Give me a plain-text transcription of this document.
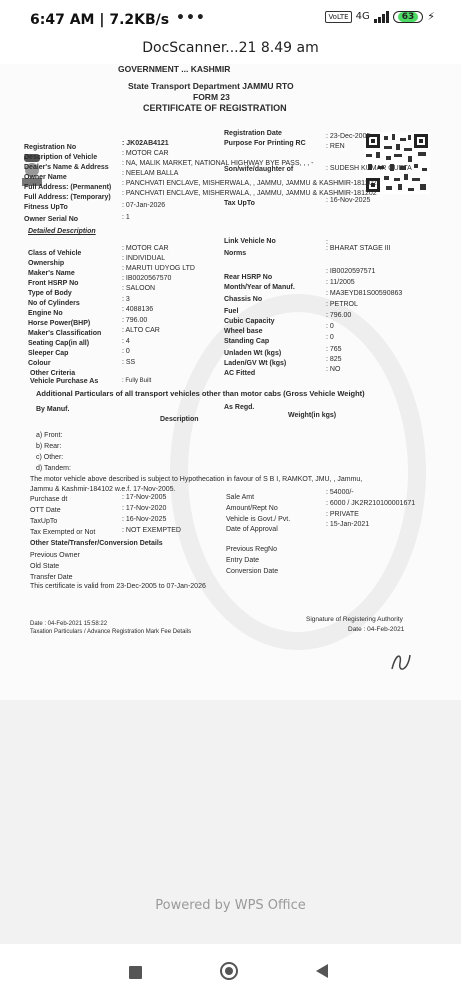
6:47 AM | 7.2KB/s •••	VoLTE 4G	63	⚡
DocScanner...21 8.49 am
GOVERNMENT ... KASHMIR
State Transport Department JAMMU RTO
FORM 23
CERTIFICATE OF REGISTRATION
Registration No
: JK02AB4121
Description of Vehicle
: MOTOR CAR
Dealer's Name & Address
: NA, MALIK MARKET, NATIONAL HIGHWAY BYE PASS, , , -
Owner Name
: NEELAM BALLA
Full Address: (Permanent)
: PANCHVATI ENCLAVE, MISHERWALA, , JAMMU, JAMMU & KASHMIR-181202
Full Address: (Temporary)
: PANCHVATI ENCLAVE, MISHERWALA, , JAMMU, JAMMU & KASHMIR-181202
Fitness UpTo	: 07-Jan-2026
Owner Serial No	: 1
Detailed Description
Registration Date	: 23-Dec-2005
Purpose For Printing RC	: REN
Son/wife/daughter of	: SUDESH KUMAR GUPTA
Tax UpTo	: 16-Nov-2025
Class of Vehicle
: MOTOR CAR
Ownership
: INDIVIDUAL
Maker's Name
: MARUTI UDYOG LTD
Front HSRP No
: IB0020567570
Type of Body
: SALOON
No of Cylinders
: 3
Engine No
: 4088136
Horse Power(BHP)	: 796.00
Maker's Classification	: ALTO CAR
Seating Cap(in all)	: 4
Sleeper Cap	: 0
Colour	: SS
Other Criteria
Vehicle Purchase As	: Fully Built
Link Vehicle No	:
Norms
: BHARAT STAGE III
Rear HSRP No
: IB0020597571
Month/Year of Manuf.
: 11/2005
Chassis No
: MA3EYD81S00590863
Fuel
: PETROL
Cubic Capacity
: 796.00
Wheel base
: 0
Standing Cap
: 0
Unladen Wt (kgs)
: 765
Laden/GV Wt (kgs)
: 825
AC Fitted
: NO
Additional Particulars of all transport vehicles other than motor cabs (Gross Vehicle Weight)
By Manuf.	As Regd.
Description
Weight(in kgs)
a) Front:
b) Rear:
c) Other:
d) Tandem:
The motor vehicle above described is subject to Hypothecation in favour of S B I, RAMKOT, JMU, , Jammu,
Jammu & Kashmir-184102 w.e.f. 17-Nov-2005.
Purchase dt	: 17-Nov-2005
OTT Date	: 17-Nov-2020
TaxUpTo	: 16-Nov-2025
Tax Exempted or Not	: NOT EXEMPTED
Sale Amt
: 54000/-
Amount/Rept No
: 6000 / JK2R210100001671
Vehicle is Govt./ Pvt.
: PRIVATE
Date of Approval
: 15-Jan-2021
Other State/Transfer/Conversion Details
Previous Owner
Old State
Transfer Date
Previous RegNo
Entry Date
Conversion Date
This certificate is valid from 23-Dec-2005 to 07-Jan-2026
Date : 04-Feb-2021 15:58:22
Taxation Particulars / Advance Registration Mark Fee Details
Signature of Registering Authority
Date : 04-Feb-2021
Powered by WPS Office
